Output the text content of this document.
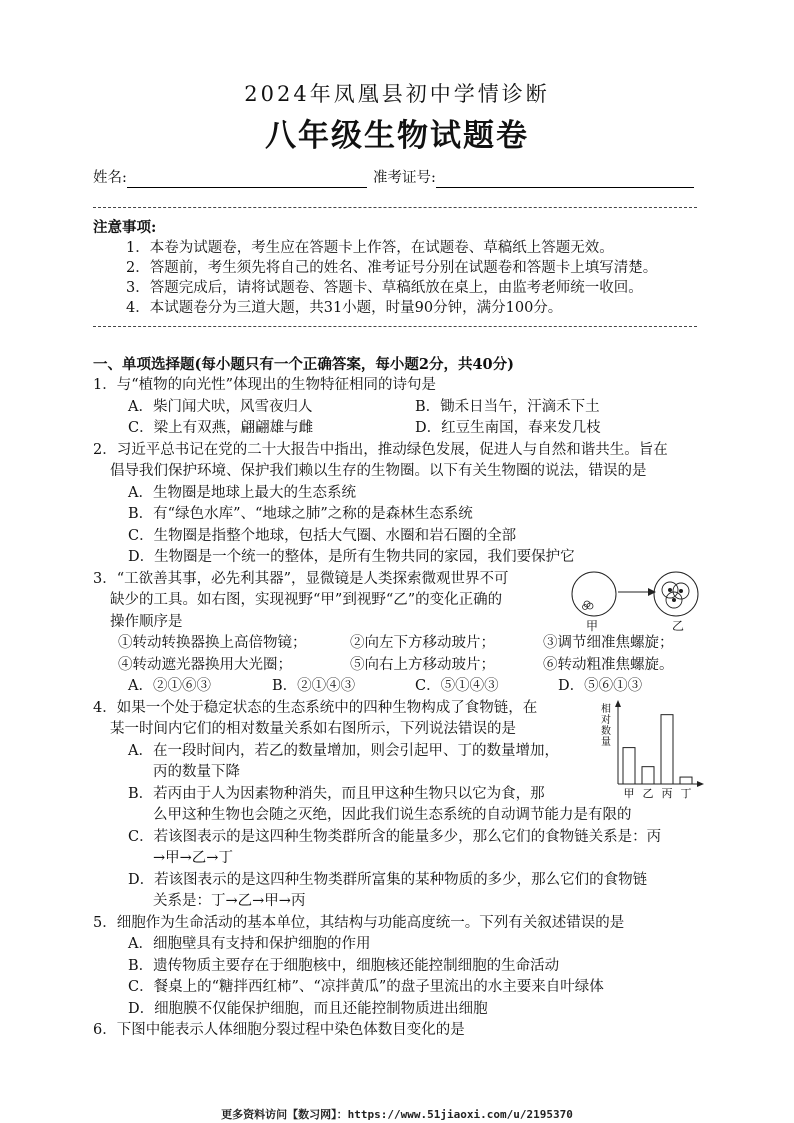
2024年凤凰县初中学情诊断
八年级生物试题卷
姓名:	准考证号:
注意事项:
1．本卷为试题卷，考生应在答题卡上作答，在试题卷、草稿纸上答题无效。
2．答题前，考生须先将自己的姓名、准考证号分别在试题卷和答题卡上填写清楚。
3．答题完成后，请将试题卷、答题卡、草稿纸放在桌上，由监考老师统一收回。
4．本试题卷分为三道大题，共31小题，时量90分钟，满分100分。
一、单项选择题(每小题只有一个正确答案，每小题2分，共40分)
1．与“植物的向光性”体现出的生物特征相同的诗句是
A．柴门闻犬吠，风雪夜归人	B．锄禾日当午，汗滴禾下土
C．梁上有双燕，翩翩雄与雌	D．红豆生南国，春来发几枝
2．习近平总书记在党的二十大报告中指出，推动绿色发展，促进人与自然和谐共生。旨在
倡导我们保护环境、保护我们赖以生存的生物圈。以下有关生物圈的说法，错误的是
A．生物圈是地球上最大的生态系统
B．有“绿色水库”、“地球之肺”之称的是森林生态系统
C．生物圈是指整个地球，包括大气圈、水圈和岩石圈的全部
D．生物圈是一个统一的整体，是所有生物共同的家园，我们要保护它
3．“工欲善其事，必先利其器”，显微镜是人类探索微观世界不可
缺少的工具。如右图，实现视野“甲”到视野“乙”的变化正确的
操作顺序是	甲	乙
①转动转换器换上高倍物镜；	②向左下方移动玻片；	③调节细准焦螺旋；
④转动遮光器换用大光圈；	⑤向右上方移动玻片；	⑥转动粗准焦螺旋。
A．②①⑥③	B．②①④③	C．⑤①④③	D．⑤⑥①③
4．如果一个处于稳定状态的生态系统中的四种生物构成了食物链，在
某一时间内它们的相对数量关系如右图所示，下列说法错误的是
相
对
数
量
甲 乙 丙 丁
A．在一段时间内，若乙的数量增加，则会引起甲、丁的数量增加，
丙的数量下降
B．若丙由于人为因素物种消失，而且甲这种生物只以它为食，那
么甲这种生物也会随之灭绝，因此我们说生态系统的自动调节能力是有限的
C．若该图表示的是这四种生物类群所含的能量多少，那么它们的食物链关系是：丙
→甲→乙→丁
D．若该图表示的是这四种生物类群所富集的某种物质的多少，那么它们的食物链
关系是：丁→乙→甲→丙
5．细胞作为生命活动的基本单位，其结构与功能高度统一。下列有关叙述错误的是
A．细胞壁具有支持和保护细胞的作用
B．遗传物质主要存在于细胞核中，细胞核还能控制细胞的生命活动
C．餐桌上的“糖拌西红柿”、“凉拌黄瓜”的盘子里流出的水主要来自叶绿体
D．细胞膜不仅能保护细胞，而且还能控制物质进出细胞
6．下图中能表示人体细胞分裂过程中染色体数目变化的是
更多资料访问【数习网】：https://www.51jiaoxi.com/u/2195370
